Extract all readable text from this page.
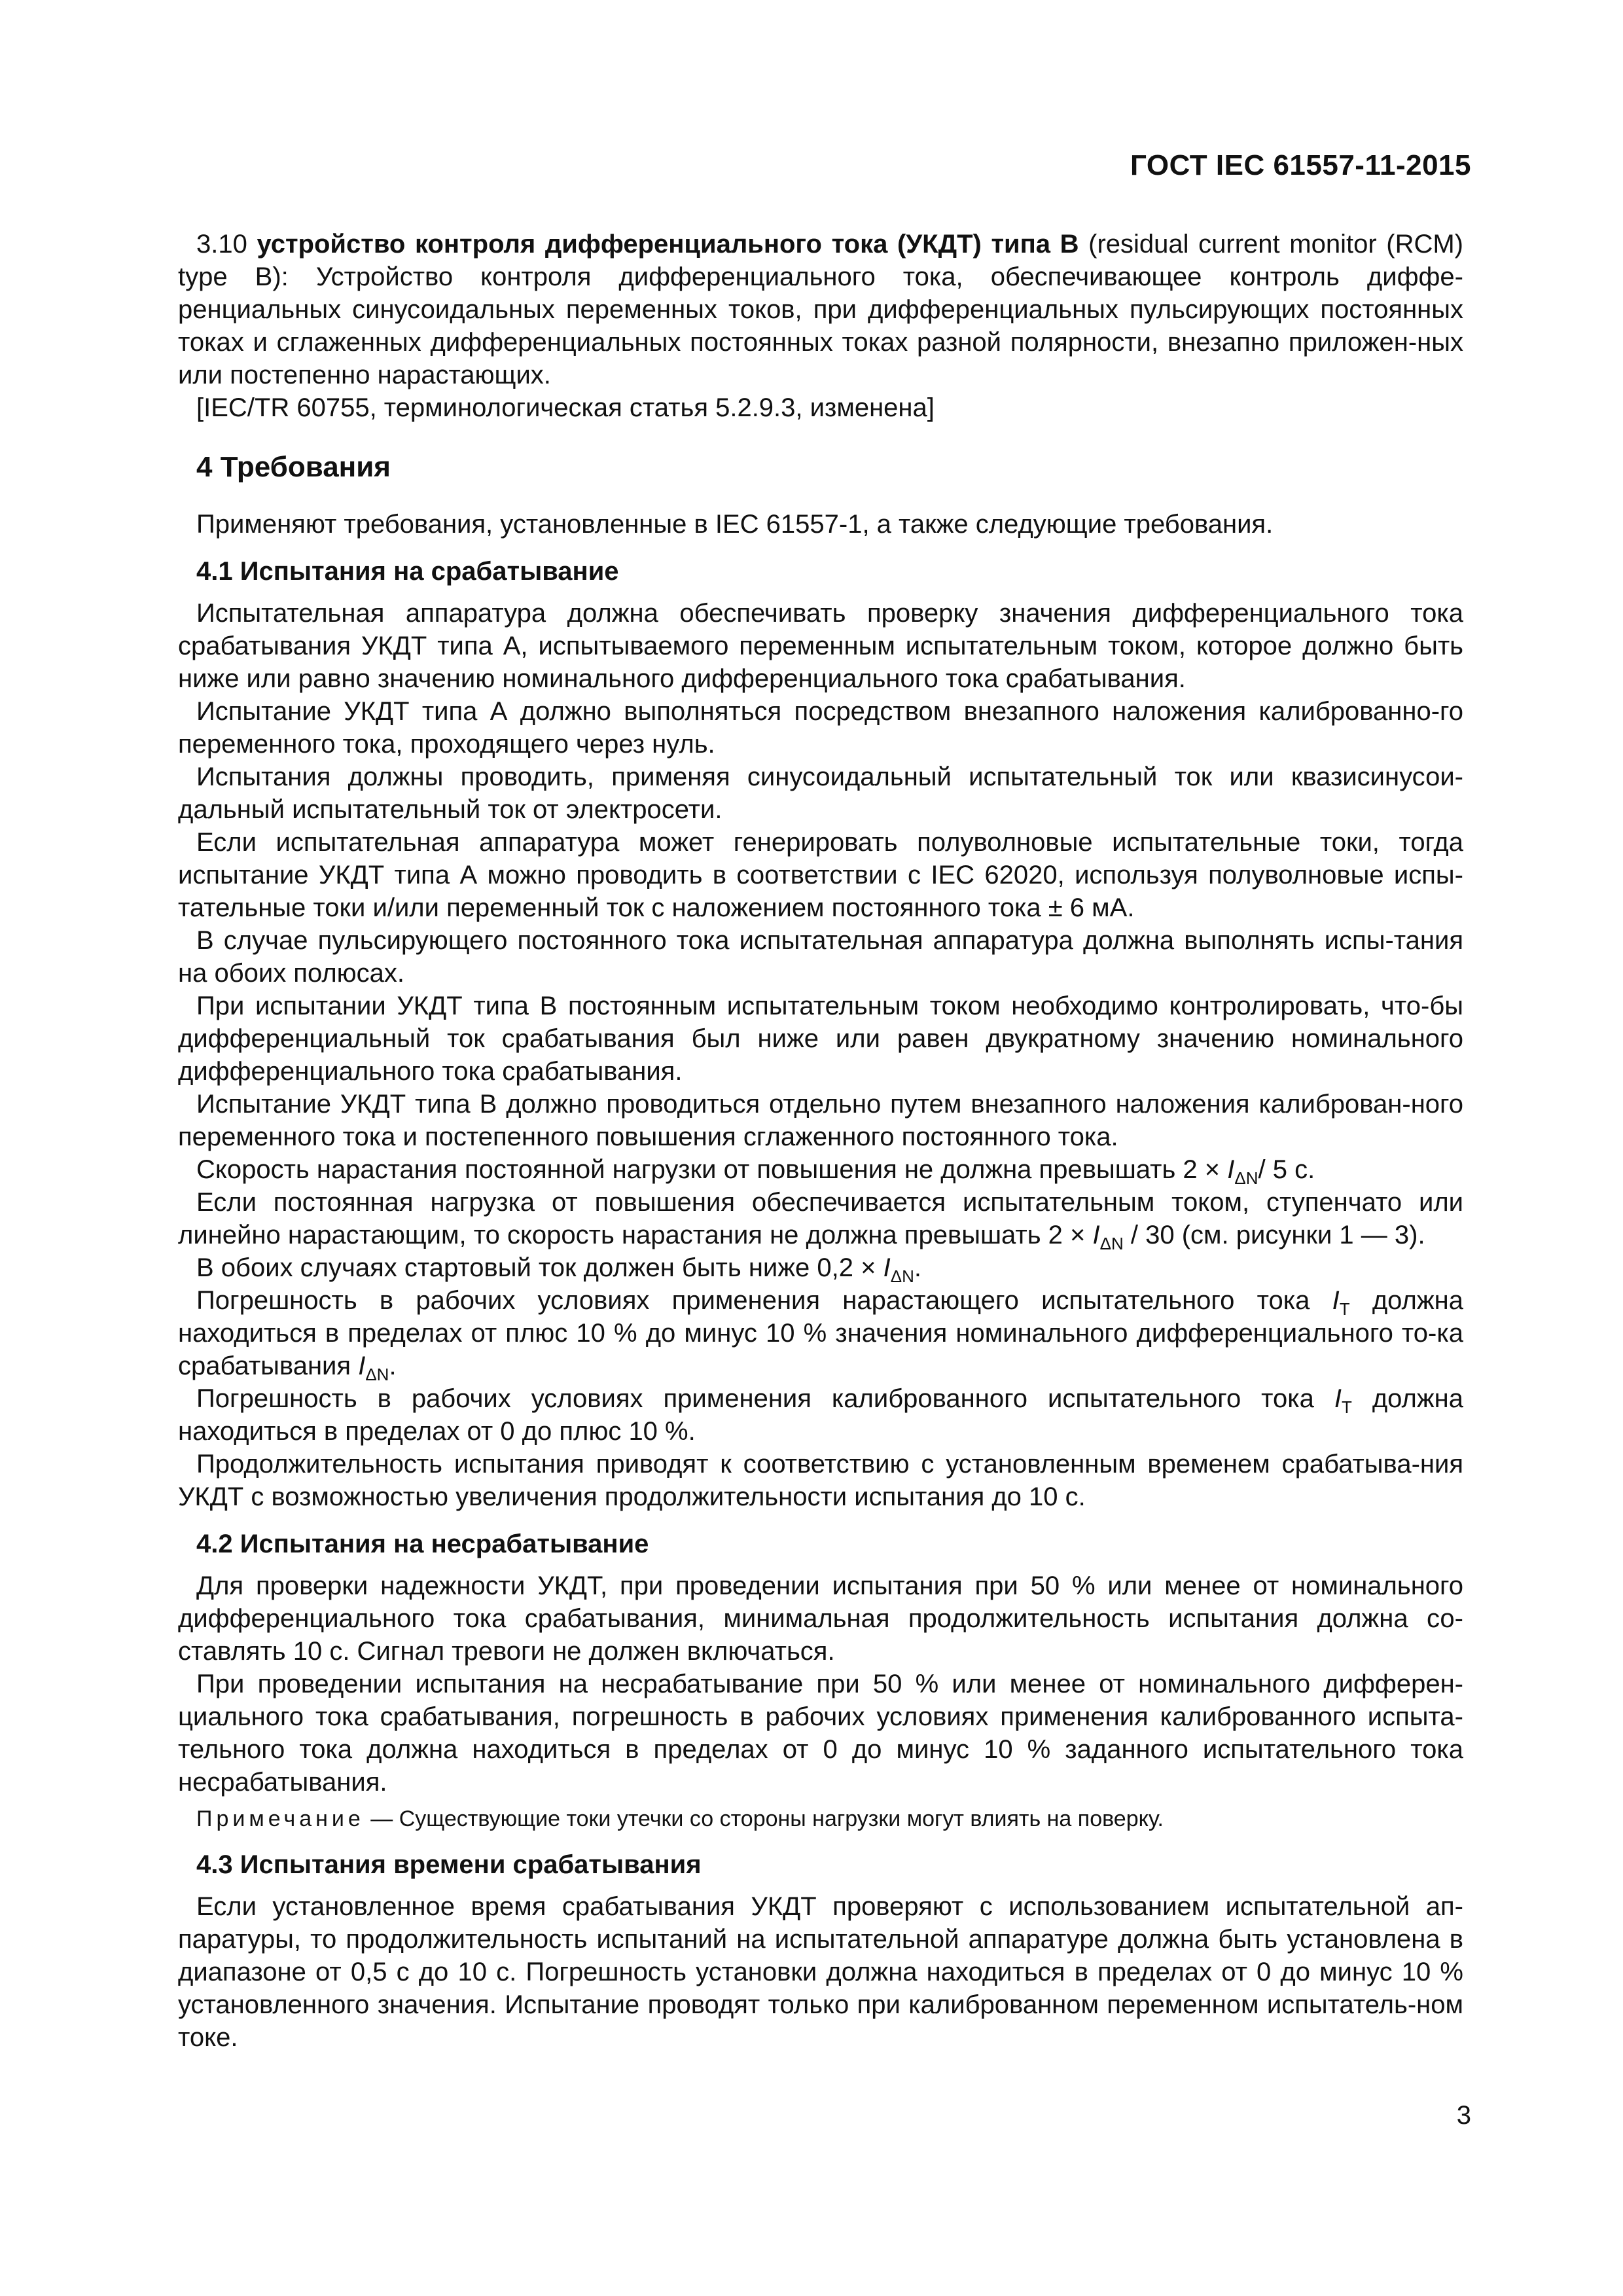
ГОСТ IEC 61557-11-2015

3.10 устройство контроля дифференциального тока (УКДТ) типа В (residual current monitor (RCM) type B): Устройство контроля дифференциального тока, обеспечивающее контроль диффе-ренциальных синусоидальных переменных токов, при дифференциальных пульсирующих постоянных токах и сглаженных дифференциальных постоянных токах разной полярности, внезапно приложен-ных или постепенно нарастающих.

[IEC/TR 60755, терминологическая статья 5.2.9.3, изменена]

4 Требования

Применяют требования, установленные в IEC 61557-1, а также следующие требования.

4.1 Испытания на срабатывание

Испытательная аппаратура должна обеспечивать проверку значения дифференциального тока срабатывания УКДТ типа А, испытываемого переменным испытательным током, которое должно быть ниже или равно значению номинального дифференциального тока срабатывания.

Испытание УКДТ типа А должно выполняться посредством внезапного наложения калиброванно-го переменного тока, проходящего через нуль.

Испытания должны проводить, применяя синусоидальный испытательный ток или квазисинусои-дальный испытательный ток от электросети.

Если испытательная аппаратура может генерировать полуволновые испытательные токи, тогда испытание УКДТ типа А можно проводить в соответствии с IEC 62020, используя полуволновые испы-тательные токи и/или переменный ток с наложением постоянного тока ± 6 мА.

В случае пульсирующего постоянного тока испытательная аппаратура должна выполнять испы-тания на обоих полюсах.

При испытании УКДТ типа В постоянным испытательным током необходимо контролировать, что-бы дифференциальный ток срабатывания был ниже или равен двукратному значению номинального дифференциального тока срабатывания.

Испытание УКДТ типа В должно проводиться отдельно путем внезапного наложения калиброван-ного переменного тока и постепенного повышения сглаженного постоянного тока.

Скорость нарастания постоянной нагрузки от повышения не должна превышать $2 \times I_{\Delta N}/$ 5 с.

Если постоянная нагрузка от повышения обеспечивается испытательным током, ступенчато или линейно нарастающим, то скорость нарастания не должна превышать $2 \times I_{\Delta N} / 30$ (см. рисунки 1 — 3).

В обоих случаях стартовый ток должен быть ниже $0,2 \times I_{\Delta N}$.

Погрешность в рабочих условиях применения нарастающего испытательного тока $I_T$ должна находиться в пределах от плюс 10 % до минус 10 % значения номинального дифференциального то-ка срабатывания $I_{\Delta N}$.

Погрешность в рабочих условиях применения калиброванного испытательного тока $I_T$ должна находиться в пределах от 0 до плюс 10 %.

Продолжительность испытания приводят к соответствию с установленным временем срабатыва-ния УКДТ с возможностью увеличения продолжительности испытания до 10 с.

4.2 Испытания на несрабатывание

Для проверки надежности УКДТ, при проведении испытания при 50 % или менее от номинального дифференциального тока срабатывания, минимальная продолжительность испытания должна со-ставлять 10 с. Сигнал тревоги не должен включаться.

При проведении испытания на несрабатывание при 50 % или менее от номинального дифферен-циального тока срабатывания, погрешность в рабочих условиях применения калиброванного испыта-тельного тока должна находиться в пределах от 0 до минус 10 % заданного испытательного тока несрабатывания.

Примечание — Существующие токи утечки со стороны нагрузки могут влиять на поверку.

4.3 Испытания времени срабатывания

Если установленное время срабатывания УКДТ проверяют с использованием испытательной ап-паратуры, то продолжительность испытаний на испытательной аппаратуре должна быть установлена в диапазоне от 0,5 с до 10 с. Погрешность установки должна находиться в пределах от 0 до минус 10 % установленного значения. Испытание проводят только при калиброванном переменном испытатель-ном токе.

3
